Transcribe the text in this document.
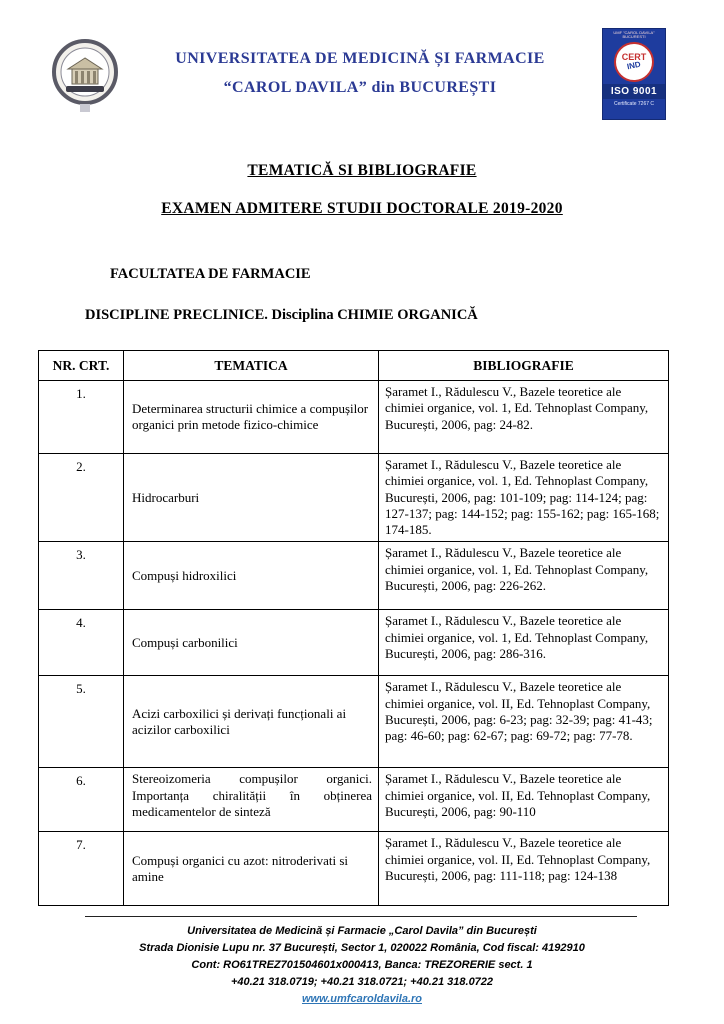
UNIVERSITATEA DE MEDICINĂ ȘI FARMACIE
“CAROL DAVILA” din BUCUREȘTI
UMF "CAROL DAVILA" BUCURESTI
CERT
IND
ISO 9001
Certificate 7267 C
TEMATICĂ SI BIBLIOGRAFIE
EXAMEN ADMITERE STUDII DOCTORALE 2019-2020
FACULTATEA DE FARMACIE
DISCIPLINE PRECLINICE. Disciplina CHIMIE ORGANICĂ
NR. CRT.	TEMATICA	BIBLIOGRAFIE
1.	Determinarea structurii chimice a compușilor organici prin metode fizico-chimice	Șaramet I., Rădulescu V., Bazele teoretice ale chimiei organice, vol. 1, Ed. Tehnoplast Company, București, 2006, pag: 24-82.
2.	Hidrocarburi	Șaramet I., Rădulescu V., Bazele teoretice ale chimiei organice, vol. 1, Ed. Tehnoplast Company, București, 2006, pag: 101-109; pag: 114-124; pag: 127-137; pag: 144-152; pag: 155-162; pag: 165-168; 174-185.
3.	Compuși hidroxilici	Șaramet I., Rădulescu V., Bazele teoretice ale chimiei organice, vol. 1, Ed. Tehnoplast Company, București, 2006, pag: 226-262.
4.	Compuși carbonilici	Șaramet I., Rădulescu V., Bazele teoretice ale chimiei organice, vol. 1, Ed. Tehnoplast Company, București, 2006, pag: 286-316.
5.	Acizi carboxilici și derivați funcționali ai acizilor carboxilici	Șaramet I., Rădulescu V., Bazele teoretice ale chimiei organice, vol. II, Ed. Tehnoplast Company, București, 2006, pag: 6-23; pag: 32-39; pag: 41-43; pag: 46-60; pag: 62-67; pag: 69-72; pag: 77-78.
6.	Stereoizomeria compușilor organici. Importanța chiralității în obținerea medicamentelor de sinteză	Șaramet I., Rădulescu V., Bazele teoretice ale chimiei organice, vol. II, Ed. Tehnoplast Company, București, 2006, pag: 90-110
7.	Compuși organici cu azot: nitroderivati si amine	Șaramet I., Rădulescu V., Bazele teoretice ale chimiei organice, vol. II, Ed. Tehnoplast Company, București, 2006, pag: 111-118; pag: 124-138
Universitatea de Medicină și Farmacie „Carol Davila” din București
Strada Dionisie Lupu nr. 37 București, Sector 1, 020022 România, Cod fiscal: 4192910
Cont: RO61TREZ701504601x000413, Banca: TREZORERIE sect. 1
+40.21 318.0719; +40.21 318.0721; +40.21 318.0722
www.umfcaroldavila.ro
